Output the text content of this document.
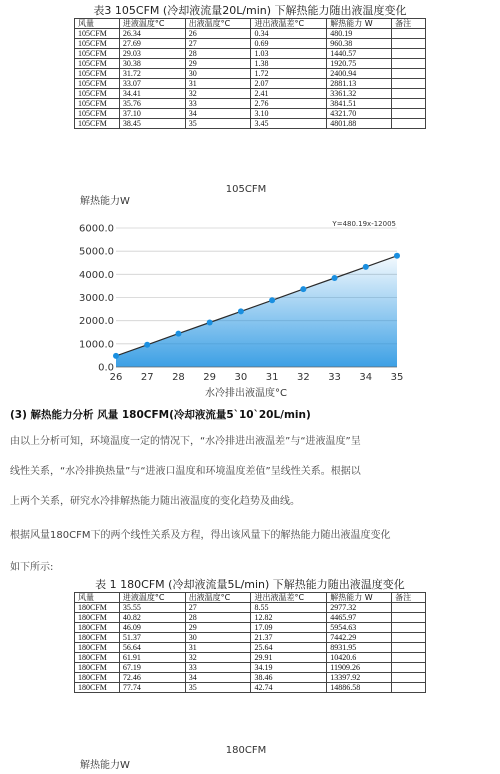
表3 105CFM (冷却液流量20L/min) 下解热能力随出液温度变化
风量	进液温度°C	出液温度°C	进出液温差°C	解热能力 W	备注
105CFM	26.34	26	0.34	480.19	
105CFM	27.69	27	0.69	960.38	
105CFM	29.03	28	1.03	1440.57	
105CFM	30.38	29	1.38	1920.75	
105CFM	31.72	30	1.72	2400.94	
105CFM	33.07	31	2.07	2881.13	
105CFM	34.41	32	2.41	3361.32	
105CFM	35.76	33	2.76	3841.51	
105CFM	37.10	34	3.10	4321.70	
105CFM	38.45	35	3.45	4801.88	
105CFM
解热能力W
Y=480.19x-12005
0.0
1000.0
2000.0
3000.0
4000.0
5000.0
6000.0
26 27 28 29 30 31 32 33 34 35
水冷排出液温度°C
(3) 解热能力分析 风量 180CFM(冷却液流量5`10`20L/min)
由以上分析可知，环境温度一定的情况下，“水冷排进出液温差”与“进液温度”呈
线性关系，“水冷排换热量”与“进液口温度和环境温度差值”呈线性关系。根据以
上两个关系，研究水冷排解热能力随出液温度的变化趋势及曲线。
根据风量180CFM下的两个线性关系及方程，得出该风量下的解热能力随出液温度变化
如下所示:
表 1 180CFM (冷却液流量5L/min) 下解热能力随出液温度变化
风量	进液温度°C	出液温度°C	进出液温差°C	解热能力 W	备注
180CFM	35.55	27	8.55	2977.32	
180CFM	40.82	28	12.82	4465.97	
180CFM	46.09	29	17.09	5954.63	
180CFM	51.37	30	21.37	7442.29	
180CFM	56.64	31	25.64	8931.95	
180CFM	61.91	32	29.91	10420.6	
180CFM	67.19	33	34.19	11909.26	
180CFM	72.46	34	38.46	13397.92	
180CFM	77.74	35	42.74	14886.58	
180CFM
解热能力W
